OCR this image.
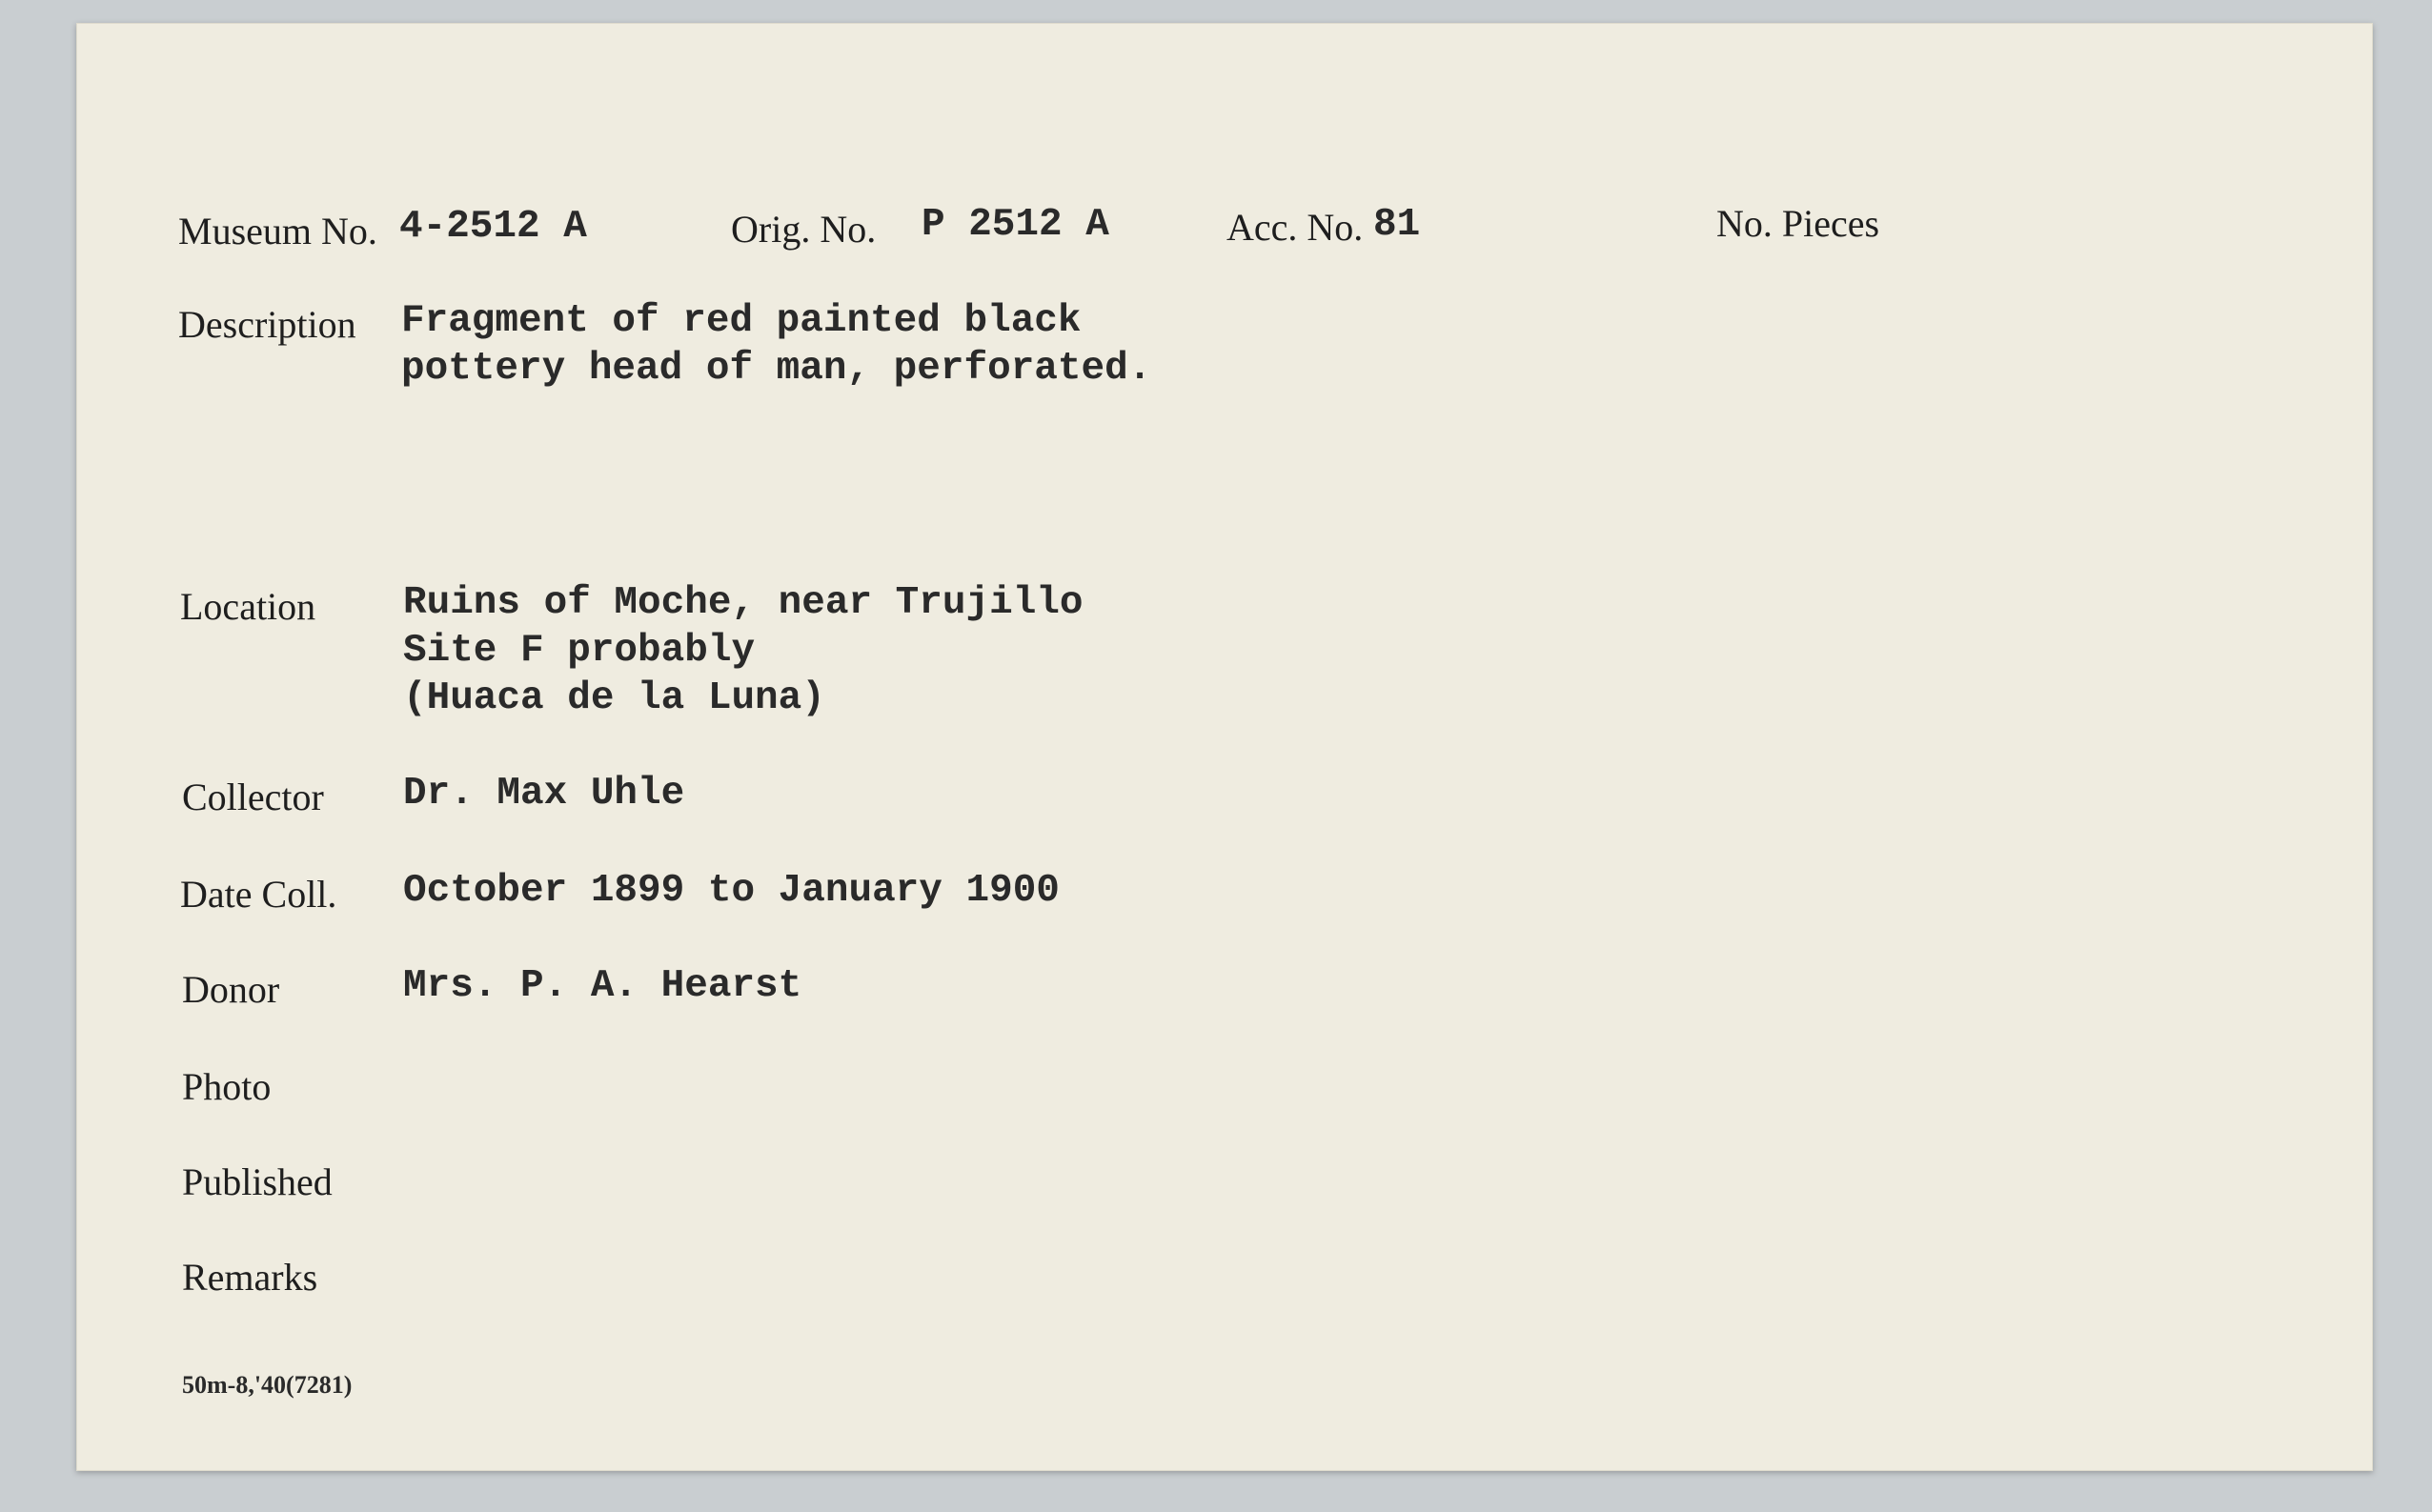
Museum No. 4-2512 A	Orig. No. P 2512 A	Acc. No. 81	No. Pieces
Description Fragment of red painted black
pottery head of man, perforated.
Location Ruins of Moche, near Trujillo
Site F probably
(Huaca de la Luna)
Collector Dr. Max Uhle
Date Coll. October 1899 to January 1900
Donor	Mrs. P. A. Hearst
Photo
Published
Remarks
50m-8,'40(7281)
